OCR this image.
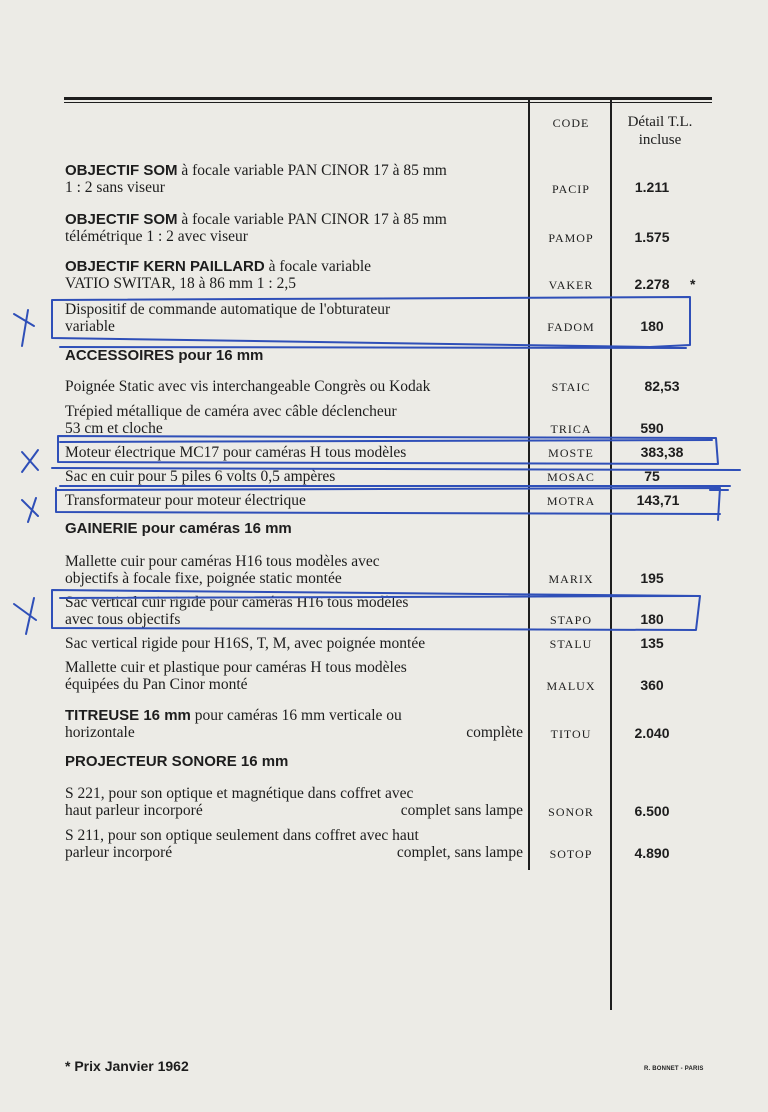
CODE	Détail T.L.
incluse
OBJECTIF SOM à focale variable PAN CINOR 17 à 85 mm
1 : 2 sans viseur	PACIP	1.211
OBJECTIF SOM à focale variable PAN CINOR 17 à 85 mm
télémétrique 1 : 2 avec viseur	PAMOP	1.575
OBJECTIF KERN PAILLARD à focale variable
VATIO SWITAR, 18 à 86 mm 1 : 2,5	VAKER	2.278	*
Dispositif de commande automatique de l'obturateur
variable	FADOM	180
ACCESSOIRES pour 16 mm
Poignée Static avec vis interchangeable Congrès ou Kodak	STAIC	82,53
Trépied métallique de caméra avec câble déclencheur
53 cm et cloche	TRICA	590
Moteur électrique MC17 pour caméras H tous modèles	MOSTE	383,38
Sac en cuir pour 5 piles 6 volts 0,5 ampères	MOSAC	75
Transformateur pour moteur électrique	MOTRA	143,71
GAINERIE pour caméras 16 mm
Mallette cuir pour caméras H16 tous modèles avec
objectifs à focale fixe, poignée static montée	MARIX	195
Sac vertical cuir rigide pour caméras H16 tous modèles
avec tous objectifs	STAPO	180
Sac vertical rigide pour H16S, T, M, avec poignée montée	STALU	135
Mallette cuir et plastique pour caméras H tous modèles
équipées du Pan Cinor monté	MALUX	360
TITREUSE 16 mm pour caméras 16 mm verticale ou
horizontale	complète	TITOU	2.040
PROJECTEUR SONORE 16 mm
S 221, pour son optique et magnétique dans coffret avec
haut parleur incorporé	complet sans lampe	SONOR	6.500
S 211, pour son optique seulement dans coffret avec haut
parleur incorporé	complet, sans lampe	SOTOP	4.890
* Prix Janvier 1962	R. BONNET - PARIS
